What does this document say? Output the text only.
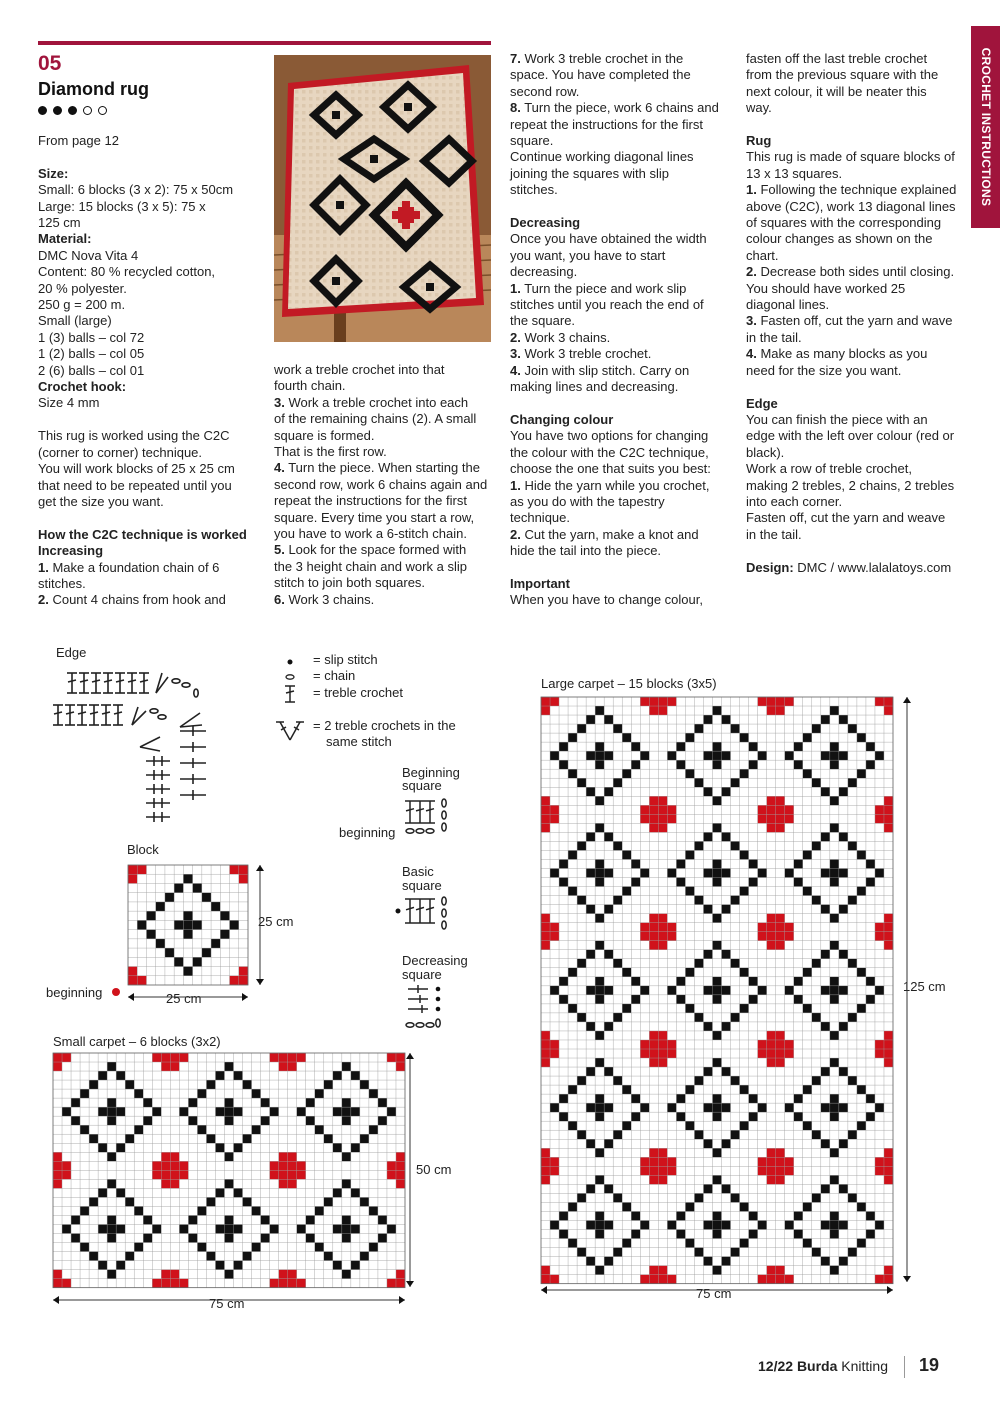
CROCHET INSTRUCTIONS
05
Diamond rug

From page 12

Size:

Small: 6 blocks (3 x 2): 75 x 50cm

Large: 15 blocks (3 x 5): 75 x

125 cm

Material:

DMC Nova Vita 4

Content: 80 % recycled cotton,

20 % polyester.

250 g = 200 m.

Small (large)

1 (3) balls – col 72

1 (2) balls – col 05

2 (6) balls – col 01

Crochet hook:

Size 4 mm

This rug is worked using the C2C

(corner to corner) technique.

You will work blocks of 25 x 25 cm

that need to be repeated until you

get the size you want.

How the C2C technique is worked

Increasing

1. Make a foundation chain of 6

stitches.

2. Count 4 chains from hook and

work a treble crochet into that

fourth chain.

3. Work a treble crochet into each

of the remaining chains (2). A small

square is formed.

That is the first row.

4. Turn the piece. When starting the

second row, work 6 chains again and

repeat the instructions for the first

square. Every time you start a row,

you have to work a 6-stitch chain.

5. Look for the space formed with

the 3 height chain and work a slip

stitch to join both squares.

6. Work 3 chains.

7. Work 3 treble crochet in the

space. You have completed the

second row.

8. Turn the piece, work 6 chains and

repeat the instructions for the first

square.

Continue working diagonal lines

joining the squares with slip

stitches.

Decreasing

Once you have obtained the width

you want, you have to start

decreasing.

1. Turn the piece and work slip

stitches until you reach the end of

the square.

2. Work 3 chains.

3. Work 3 treble crochet.

4. Join with slip stitch. Carry on

making lines and decreasing.

Changing colour

You have two options for changing

the colour with the C2C technique,

choose the one that suits you best:

1. Hide the yarn while you crochet,

as you do with the tapestry

technique.

2. Cut the yarn, make a knot and

hide the tail into the piece.

Important

When you have to change colour,

fasten off the last treble crochet

from the previous square with the

next colour, it will be neater this

way.

Rug

This rug is made of square blocks of

13 x 13 squares.

1. Following the technique explained

above (C2C), work 13 diagonal lines

of squares with the corresponding

colour changes as shown on the

chart.

2. Decrease both sides until closing.

You should have worked 25

diagonal lines.

3. Fasten off, cut the yarn and wave

in the tail.

4. Make as many blocks as you

need for the size you want.

Edge

You can finish the piece with an

edge with the left over colour (red or

black).

Work a row of treble crochet,

making 2 trebles, 2 chains, 2 trebles

into each corner.

Fasten off, cut the yarn and weave

in the tail.

Design: DMC / www.lalalatoys.com

Edge	= slip stitch
= chain
= treble crochet
= 2 treble crochets in the
same stitch
Beginning
square
beginning
Basic
square
Decreasing
square
Block
25 cm
25 cm
beginning
Small carpet – 6 blocks (3x2)
50 cm
75 cm
Large carpet – 15 blocks (3x5)
125 cm
75 cm
12/22 Burda Knitting 19
